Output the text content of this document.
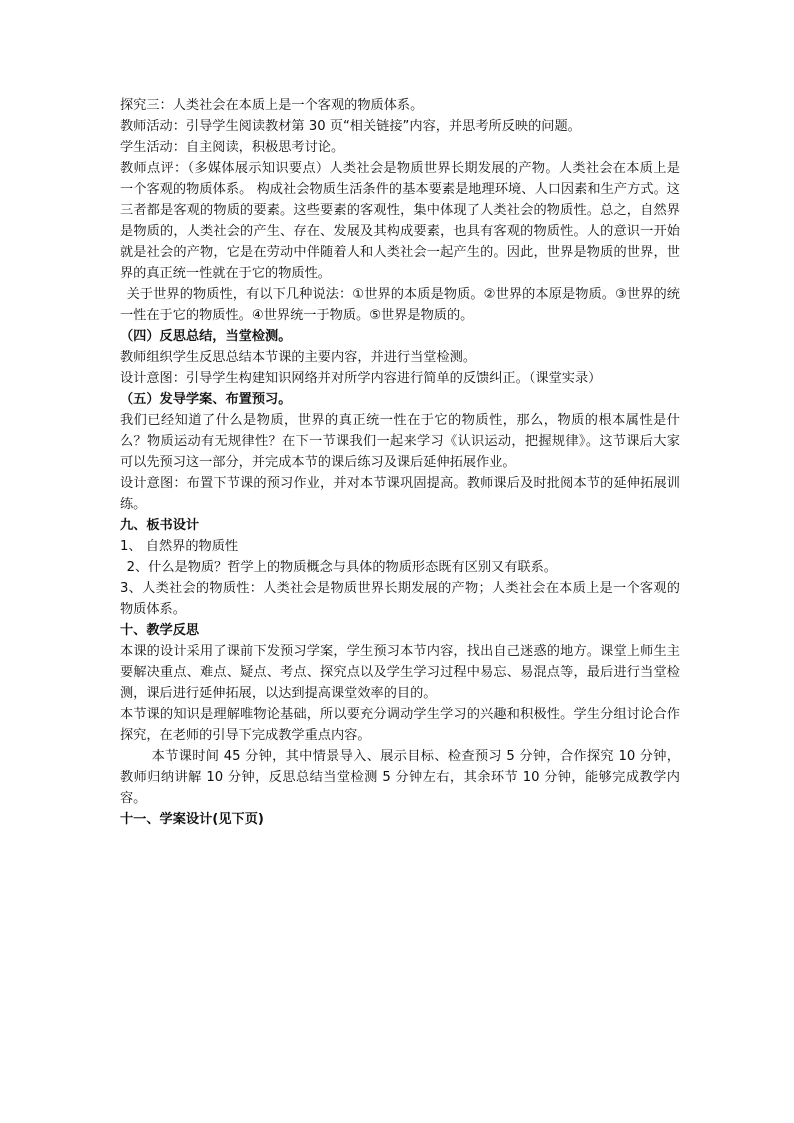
探究三：人类社会在本质上是一个客观的物质体系。

教师活动：引导学生阅读教材第 30 页“相关链接”内容，并思考所反映的问题。

学生活动：自主阅读，积极思考讨论。

教师点评：（多媒体展示知识要点）人类社会是物质世界长期发展的产物。人类社会在本质上是一个客观的物质体系。 构成社会物质生活条件的基本要素是地理环境、人口因素和生产方式。这三者都是客观的物质的要素。这些要素的客观性，集中体现了人类社会的物质性。总之，自然界是物质的，人类社会的产生、存在、发展及其构成要素，也具有客观的物质性。人的意识一开始就是社会的产物，它是在劳动中伴随着人和人类社会一起产生的。因此，世界是物质的世界，世界的真正统一性就在于它的物质性。

关于世界的物质性，有以下几种说法：①世界的本质是物质。②世界的本原是物质。③世界的统一性在于它的物质性。④世界统一于物质。⑤世界是物质的。

（四）反思总结，当堂检测。

教师组织学生反思总结本节课的主要内容，并进行当堂检测。

设计意图：引导学生构建知识网络并对所学内容进行简单的反馈纠正。（课堂实录）

（五）发导学案、布置预习。

我们已经知道了什么是物质，世界的真正统一性在于它的物质性，那么，物质的根本属性是什么？物质运动有无规律性？在下一节课我们一起来学习《认识运动，把握规律》。这节课后大家可以先预习这一部分，并完成本节的课后练习及课后延伸拓展作业。

设计意图：布置下节课的预习作业，并对本节课巩固提高。教师课后及时批阅本节的延伸拓展训练。

九、板书设计

1、 自然界的物质性

2、什么是物质？哲学上的物质概念与具体的物质形态既有区别又有联系。

3、人类社会的物质性：人类社会是物质世界长期发展的产物；人类社会在本质上是一个客观的物质体系。

十、教学反思

本课的设计采用了课前下发预习学案，学生预习本节内容，找出自己迷惑的地方。课堂上师生主要解决重点、难点、疑点、考点、探究点以及学生学习过程中易忘、易混点等，最后进行当堂检测，课后进行延伸拓展，以达到提高课堂效率的目的。

本节课的知识是理解唯物论基础，所以要充分调动学生学习的兴趣和积极性。学生分组讨论合作探究，在老师的引导下完成教学重点内容。

本节课时间 45 分钟，其中情景导入、展示目标、检查预习 5 分钟，合作探究 10 分钟，教师归纳讲解 10 分钟，反思总结当堂检测 5 分钟左右，其余环节 10 分钟，能够完成教学内容。

十一、学案设计(见下页)
